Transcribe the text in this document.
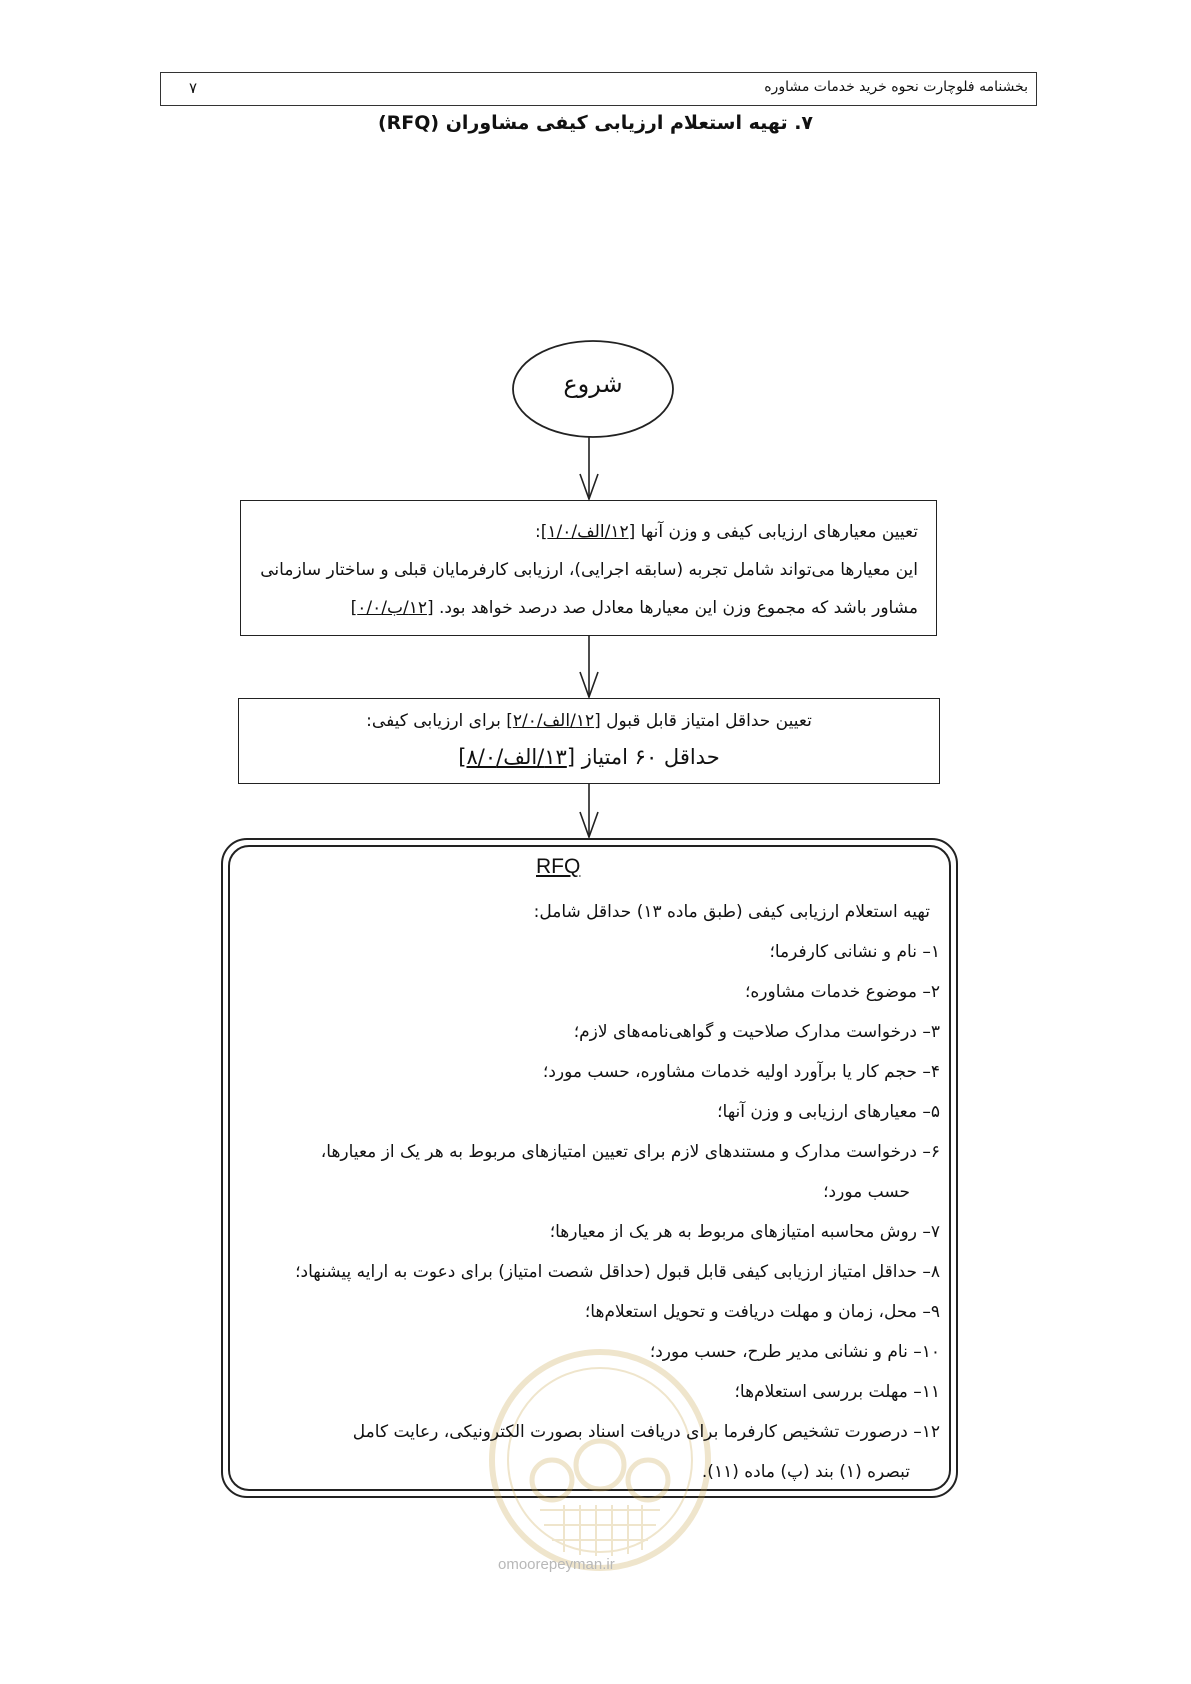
بخشنامه فلوچارت نحوه خرید خدمات مشاوره
۷
۷. تهیه استعلام ارزیابی کیفی مشاوران (RFQ)
شروع
تعیین معیارهای ارزیابی کیفی و وزن آنها [۱۲/الف/۱/۰]:
این معیارها می‌تواند شامل تجربه (سابقه اجرایی)، ارزیابی کارفرمایان قبلی و ساختار سازمانی
مشاور باشد که مجموع وزن این معیارها معادل صد درصد خواهد بود. [۱۲/ب/۰/۰]
تعیین حداقل امتیاز قابل قبول [۱۲/الف/۲/۰] برای ارزیابی کیفی:
حداقل ۶۰ امتیاز [۱۳/الف/۸/۰]
omoorepeyman.ir
RFQ
تهیه استعلام ارزیابی کیفی (طبق ماده ۱۳) حداقل شامل:
۱– نام و نشانی کارفرما؛
۲– موضوع خدمات مشاوره؛
۳– درخواست مدارک صلاحیت و گواهی‌نامه‌های لازم؛
۴– حجم کار یا برآورد اولیه خدمات مشاوره، حسب مورد؛
۵– معیارهای ارزیابی و وزن آنها؛
۶– درخواست مدارک و مستندهای لازم برای تعیین امتیازهای مربوط به هر یک از معیارها،
حسب مورد؛
۷– روش محاسبه امتیازهای مربوط به هر یک از معیارها؛
۸– حداقل امتیاز ارزیابی کیفی قابل قبول (حداقل شصت امتیاز) برای دعوت به ارایه پیشنهاد؛
۹– محل، زمان و مهلت دریافت و تحویل استعلام‌ها؛
۱۰– نام و نشانی مدیر طرح، حسب مورد؛
۱۱– مهلت بررسی استعلام‌ها؛
۱۲– درصورت تشخیص کارفرما برای دریافت اسناد بصورت الکترونیکی، رعایت کامل
تبصره (۱) بند (پ) ماده (۱۱).
